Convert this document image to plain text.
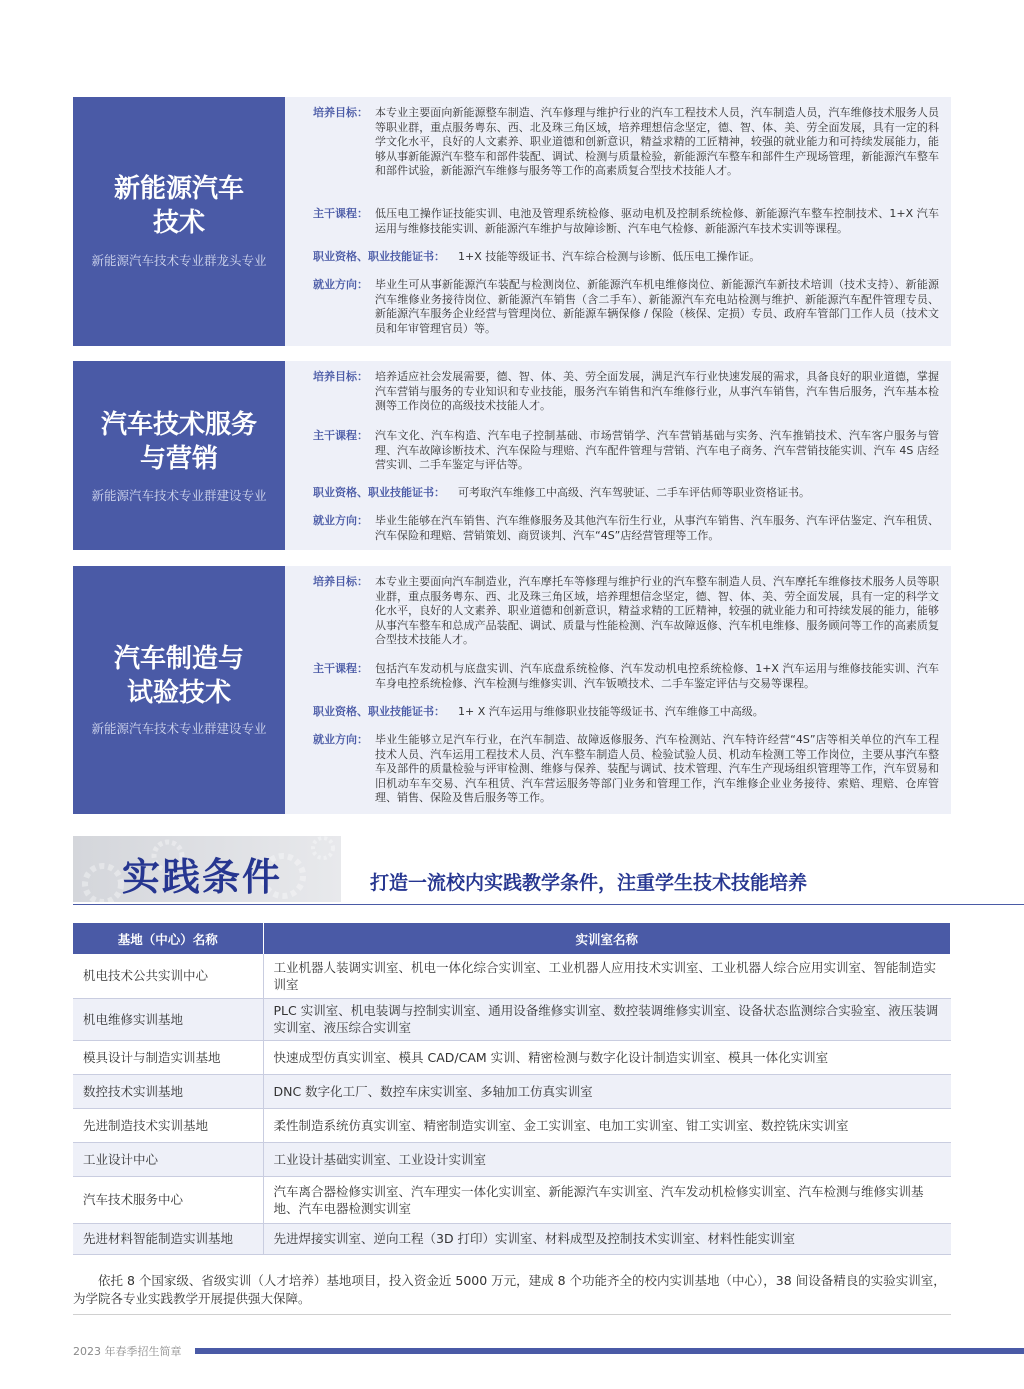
新能源汽车
技术
新能源汽车技术专业群龙头专业
培养目标： 本专业主要面向新能源整车制造、汽车修理与维护行业的汽车工程技术人员，汽车制造人员，汽车维修技术服务人员等职业群，重点服务粤东、西、北及珠三角区域，培养理想信念坚定，德、智、体、美、劳全面发展，具有一定的科学文化水平，良好的人文素养、职业道德和创新意识，精益求精的工匠精神，较强的就业能力和可持续发展能力，能够从事新能源汽车整车和部件装配、调试、检测与质量检验，新能源汽车整车和部件生产现场管理，新能源汽车整车和部件试验，新能源汽车维修与服务等工作的高素质复合型技术技能人才。
主干课程： 低压电工操作证技能实训、电池及管理系统检修、驱动电机及控制系统检修、新能源汽车整车控制技术、1+X 汽车运用与维修技能实训、新能源汽车维护与故障诊断、汽车电气检修、新能源汽车技术实训等课程。
职业资格、职业技能证书：	1+X 技能等级证书、汽车综合检测与诊断、低压电工操作证。
就业方向： 毕业生可从事新能源汽车装配与检测岗位、新能源汽车机电维修岗位、新能源汽车新技术培训（技术支持）、新能源汽车维修业务接待岗位、新能源汽车销售（含二手车）、新能源汽车充电站检测与维护、新能源汽车配件管理专员、新能源汽车服务企业经营与管理岗位、新能源车辆保修 / 保险（核保、定损）专员、政府车管部门工作人员（技术文员和年审管理官员）等。
汽车技术服务
与营销
新能源汽车技术专业群建设专业
培养目标： 培养适应社会发展需要，德、智、体、美、劳全面发展，满足汽车行业快速发展的需求，具备良好的职业道德，掌握汽车营销与服务的专业知识和专业技能，服务汽车销售和汽车维修行业，从事汽车销售，汽车售后服务，汽车基本检测等工作岗位的高级技术技能人才。
主干课程： 汽车文化、汽车构造、汽车电子控制基础、市场营销学、汽车营销基础与实务、汽车推销技术、汽车客户服务与管理、汽车故障诊断技术、汽车保险与理赔、汽车配件管理与营销、汽车电子商务、汽车营销技能实训、汽车 4S 店经营实训、二手车鉴定与评估等。
职业资格、职业技能证书：	可考取汽车维修工中高级、汽车驾驶证、二手车评估师等职业资格证书。
就业方向： 毕业生能够在汽车销售、汽车维修服务及其他汽车衍生行业，从事汽车销售、汽车服务、汽车评估鉴定、汽车租赁、汽车保险和理赔、营销策划、商贸谈判、汽车“4S”店经营管理等工作。
汽车制造与
试验技术
新能源汽车技术专业群建设专业
培养目标： 本专业主要面向汽车制造业，汽车摩托车等修理与维护行业的汽车整车制造人员、汽车摩托车维修技术服务人员等职业群，重点服务粤东、西、北及珠三角区域，培养理想信念坚定，德、智、体、美、劳全面发展，具有一定的科学文化水平，良好的人文素养、职业道德和创新意识，精益求精的工匠精神，较强的就业能力和可持续发展的能力，能够从事汽车整车和总成产品装配、调试、质量与性能检测、汽车故障返修、汽车机电维修、服务顾问等工作的高素质复合型技术技能人才。
主干课程： 包括汽车发动机与底盘实训、汽车底盘系统检修、汽车发动机电控系统检修、1+X 汽车运用与维修技能实训、汽车车身电控系统检修、汽车检测与维修实训、汽车钣喷技术、二手车鉴定评估与交易等课程。
职业资格、职业技能证书：	1+ X 汽车运用与维修职业技能等级证书、汽车维修工中高级。
就业方向： 毕业生能够立足汽车行业，在汽车制造、故障返修服务、汽车检测站、汽车特许经营“4S”店等相关单位的汽车工程技术人员、汽车运用工程技术人员、汽车整车制造人员、检验试验人员、机动车检测工等工作岗位，主要从事汽车整车及部件的质量检验与评审检测、维修与保养、装配与调试、技术管理、汽车生产现场组织管理等工作，汽车贸易和旧机动车车交易、汽车租赁、汽车营运服务等部门业务和管理工作，汽车维修企业业务接待、索赔、理赔、仓库管理、销售、保险及售后服务等工作。
实践条件	打造一流校内实践教学条件，注重学生技术技能培养
基地（中心）名称	实训室名称
机电技术公共实训中心	工业机器人装调实训室、机电一体化综合实训室、工业机器人应用技术实训室、工业机器人综合应用实训室、智能制造实训室
机电维修实训基地	PLC 实训室、机电装调与控制实训室、通用设备维修实训室、数控装调维修实训室、设备状态监测综合实验室、液压装调实训室、液压综合实训室
模具设计与制造实训基地	快速成型仿真实训室、模具 CAD/CAM 实训、精密检测与数字化设计制造实训室、模具一体化实训室
数控技术实训基地	DNC 数字化工厂、数控车床实训室、多轴加工仿真实训室
先进制造技术实训基地	柔性制造系统仿真实训室、精密制造实训室、金工实训室、电加工实训室、钳工实训室、数控铣床实训室
工业设计中心	工业设计基础实训室、工业设计实训室
汽车技术服务中心	汽车离合器检修实训室、汽车理实一体化实训室、新能源汽车实训室、汽车发动机检修实训室、汽车检测与维修实训基地、汽车电器检测实训室
先进材料智能制造实训基地	先进焊接实训室、逆向工程（3D 打印）实训室、材料成型及控制技术实训室、材料性能实训室
依托 8 个国家级、省级实训（人才培养）基地项目，投入资金近 5000 万元，建成 8 个功能齐全的校内实训基地（中心），38 间设备精良的实验实训室，为学院各专业实践教学开展提供强大保障。
2023 年春季招生简章
